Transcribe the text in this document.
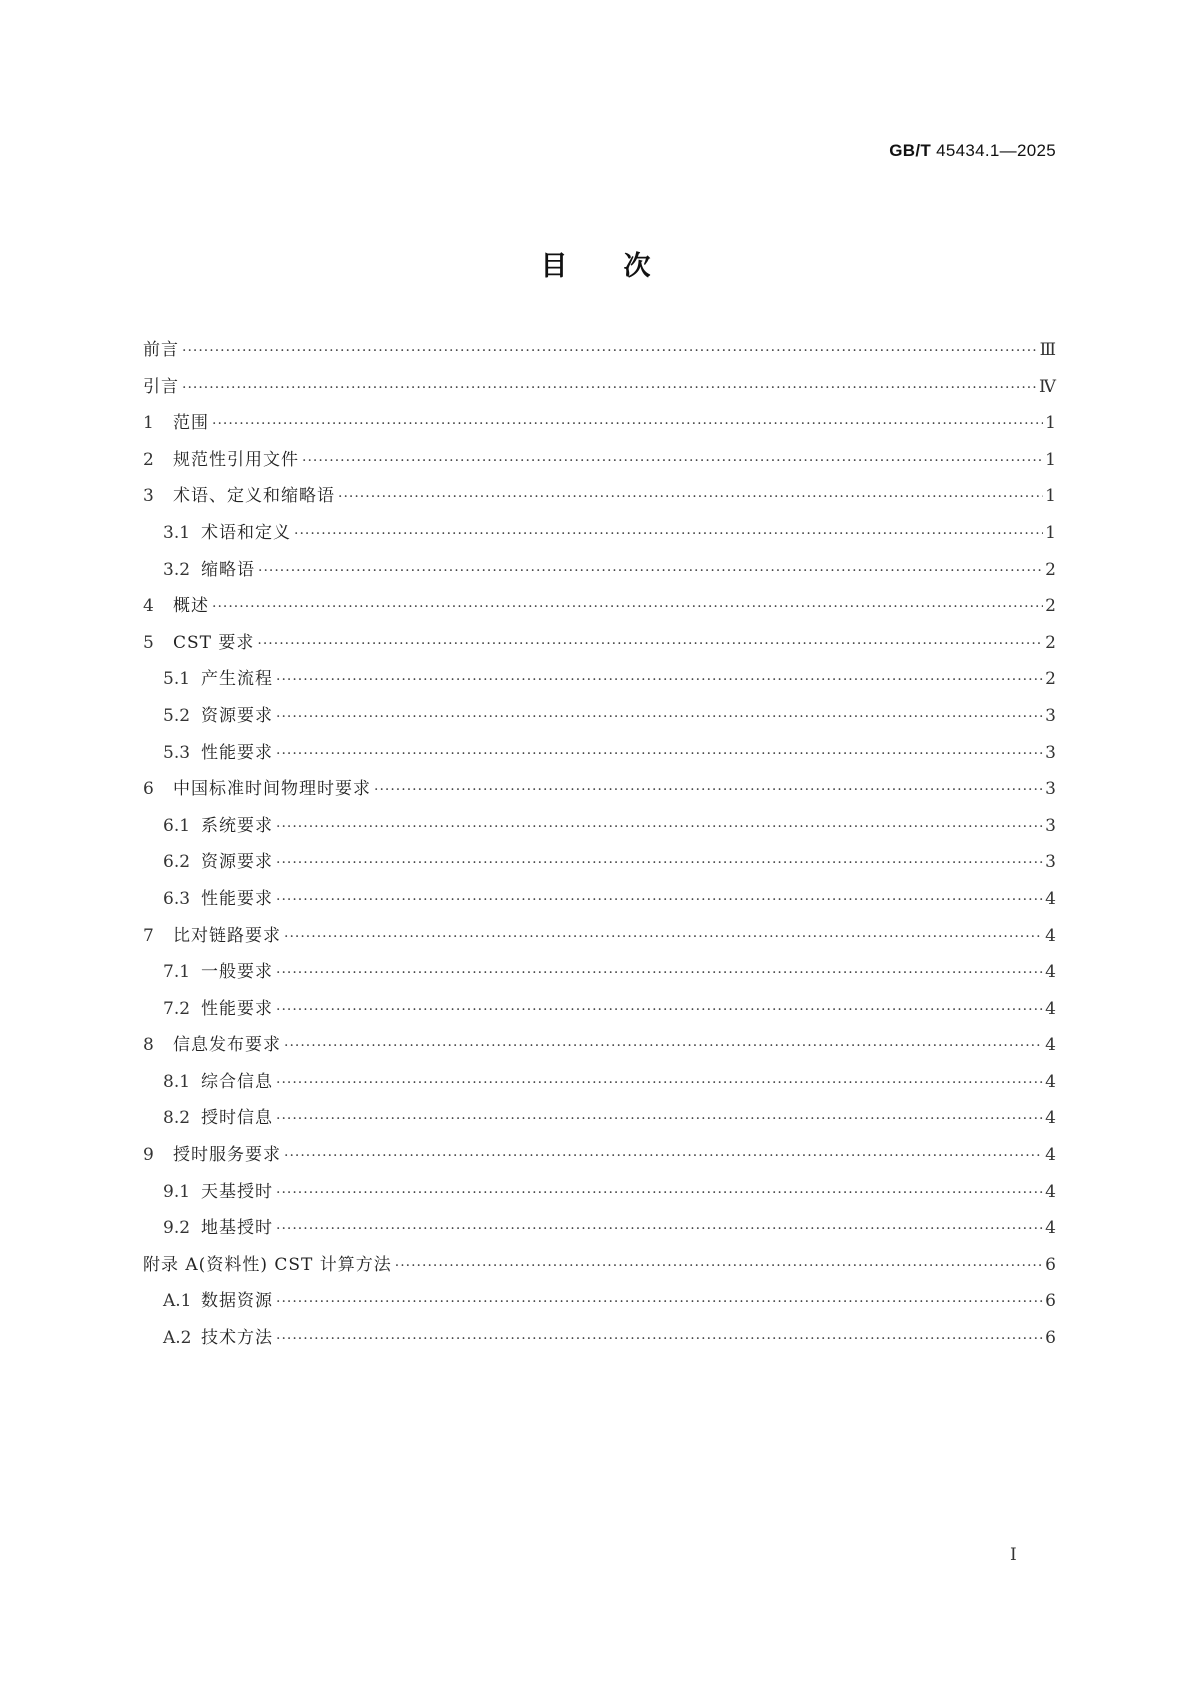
GB/T 45434.1—2025
目次
前言 ·····	Ⅲ
引言 ·····	Ⅳ
1	范围 ·····	1
2	规范性引用文件 ·····	1
3	术语、定义和缩略语 ·····	1
3.1 术语和定义 ·····	1
3.2 缩略语 ·····	2
4	概述 ·····	2
5	CST 要求 ·····	2
5.1 产生流程 ·····	2
5.2 资源要求 ·····	3
5.3 性能要求 ·····	3
6	中国标准时间物理时要求 ·····	3
6.1 系统要求 ·····	3
6.2 资源要求 ·····	3
6.3 性能要求 ·····	4
7	比对链路要求 ·····	4
7.1 一般要求 ·····	4
7.2 性能要求 ·····	4
8	信息发布要求 ·····	4
8.1 综合信息 ·····	4
8.2 授时信息 ·····	4
9	授时服务要求 ·····	4
9.1 天基授时 ·····	4
9.2 地基授时 ·····	4
附录 A(资料性) CST 计算方法 ·····	6
A.1 数据资源 ·····	6
A.2 技术方法 ·····	6
I
